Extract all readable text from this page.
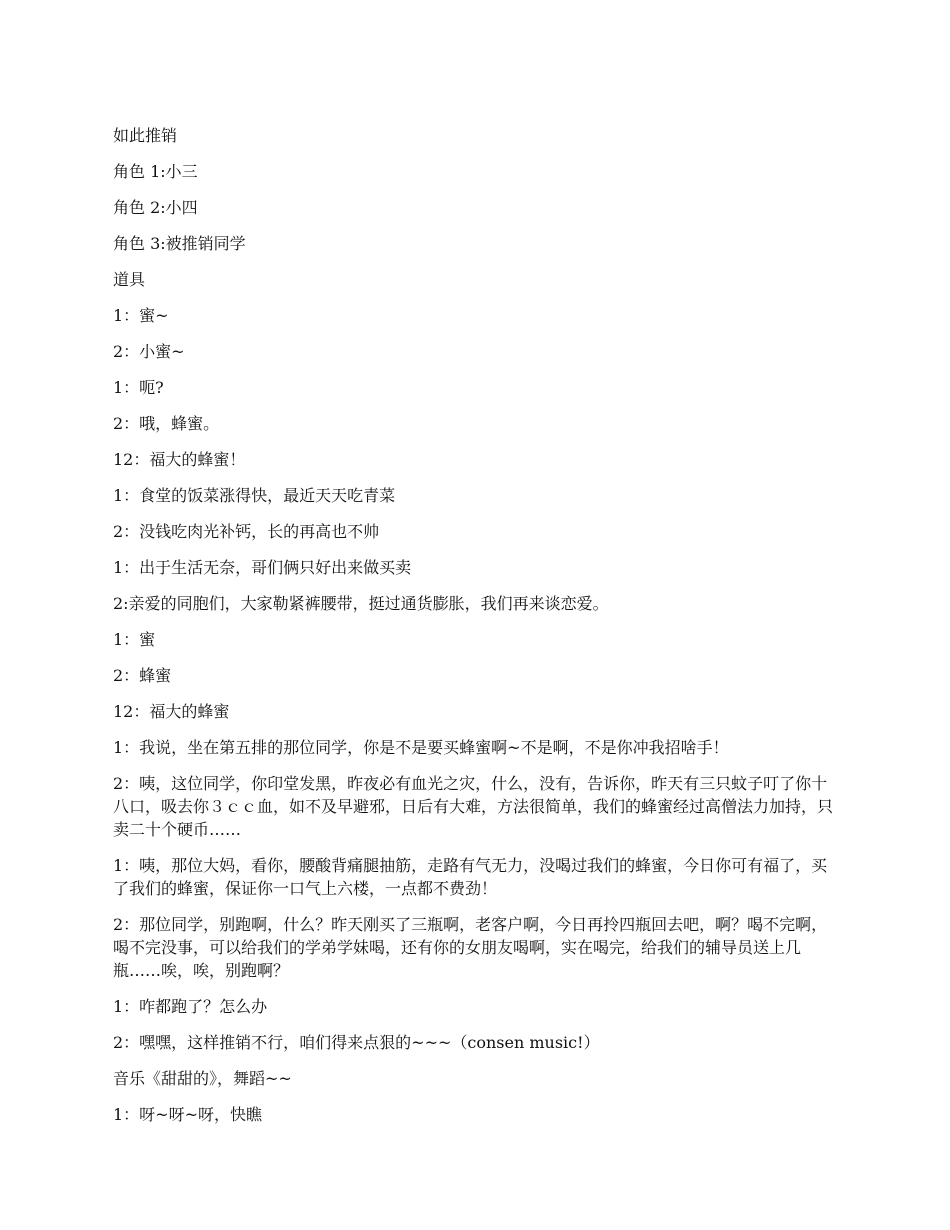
如此推销

角色 1:小三

角色 2:小四

角色 3:被推销同学

道具

1：蜜~

2：小蜜~

1：呃?

2：哦，蜂蜜。

12：福大的蜂蜜！

1：食堂的饭菜涨得快，最近天天吃青菜

2：没钱吃肉光补钙，长的再高也不帅

1：出于生活无奈，哥们俩只好出来做买卖

2:亲爱的同胞们，大家勒紧裤腰带，挺过通货膨胀，我们再来谈恋爱。

1：蜜

2：蜂蜜

12：福大的蜂蜜

1：我说，坐在第五排的那位同学，你是不是要买蜂蜜啊~不是啊，不是你冲我招啥手！

2：咦，这位同学，你印堂发黑，昨夜必有血光之灾，什么，没有，告诉你，昨天有三只蚊子叮了你十八口，吸去你３ｃｃ血，如不及早避邪，日后有大难，方法很简单，我们的蜂蜜经过高僧法力加持，只卖二十个硬币……

1：咦，那位大妈，看你，腰酸背痛腿抽筋，走路有气无力，没喝过我们的蜂蜜，今日你可有福了，买了我们的蜂蜜，保证你一口气上六楼，一点都不费劲！

2：那位同学，别跑啊，什么？昨天刚买了三瓶啊，老客户啊，今日再拎四瓶回去吧，啊？喝不完啊，喝不完没事，可以给我们的学弟学妹喝，还有你的女朋友喝啊，实在喝完，给我们的辅导员送上几瓶……唉，唉，别跑啊？

1：咋都跑了？怎么办

2：嘿嘿，这样推销不行，咱们得来点狠的~~~（consen music!）

音乐《甜甜的》，舞蹈~~

1：呀~呀~呀，快瞧
